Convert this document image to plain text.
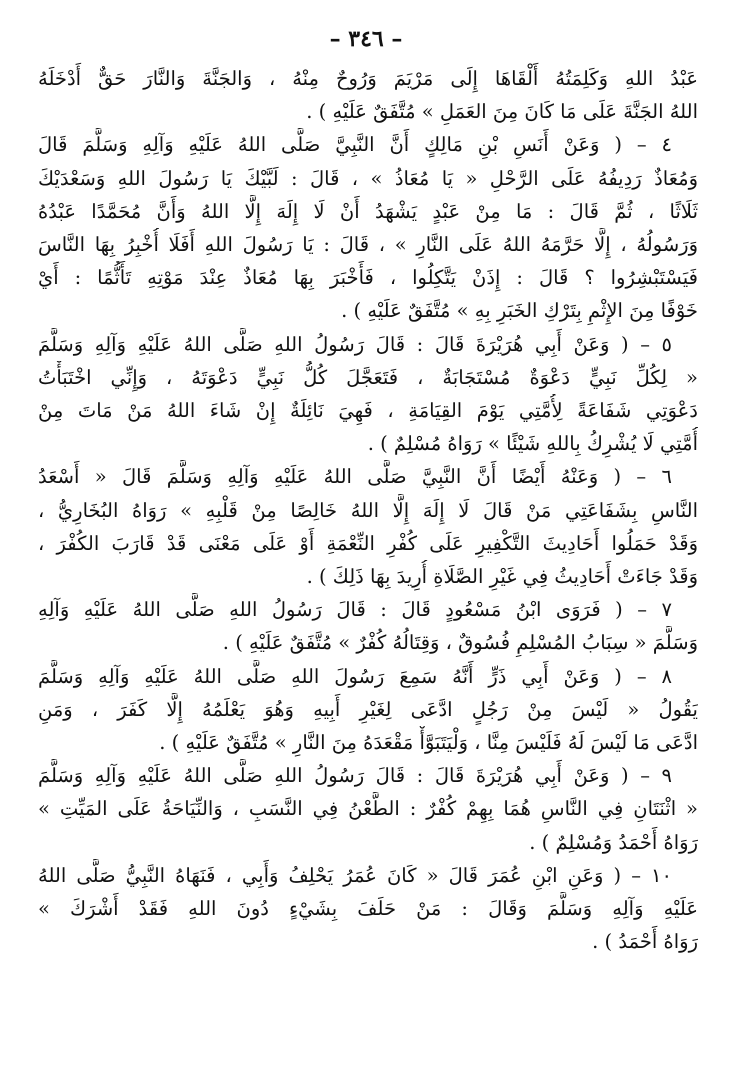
– ٣٤٦ –
عَبْدُ اللهِ وَكَلِمَتُهُ أَلْقَاهَا إِلَى مَرْيَمَ وَرُوحٌ مِنْهُ ، وَالجَنَّةَ وَالنَّارَ حَقٌّ أَدْخَلَهُ
اللهُ الجَنَّةَ عَلَى مَا كَانَ مِنَ العَمَلِ » مُتَّفَقٌ عَلَيْهِ ) .
٤ – ( وَعَنْ أَنَسِ بْنِ مَالِكٍ أَنَّ النَّبِيَّ صَلَّى اللهُ عَلَيْهِ وَآلِهِ وَسَلَّمَ قَالَ
وَمُعَاذٌ رَدِيفُهُ عَلَى الرَّحْلِ « يَا مُعَاذُ » ، قَالَ : لَبَّيْكَ يَا رَسُولَ اللهِ وَسَعْدَيْكَ
ثَلَاثًا ، ثُمَّ قَالَ : مَا مِنْ عَبْدٍ يَشْهَدُ أَنْ لَا إِلَهَ إِلَّا اللهُ وَأَنَّ مُحَمَّدًا عَبْدُهُ
وَرَسُولُهُ ، إِلَّا حَرَّمَهُ اللهُ عَلَى النَّارِ » ، قَالَ : يَا رَسُولَ اللهِ أَفَلَا أُخْبِرُ بِهَا النَّاسَ
فَيَسْتَبْشِرُوا ؟ قَالَ : إِذَنْ يَتَّكِلُوا ، فَأَخْبَرَ بِهَا مُعَاذٌ عِنْدَ مَوْتِهِ تَأَثُّمًا : أَيْ
خَوْفًا مِنَ الإِثْمِ بِتَرْكِ الخَبَرِ بِهِ » مُتَّفَقٌ عَلَيْهِ ) .
٥ – ( وَعَنْ أَبِي هُرَيْرَةَ قَالَ : قَالَ رَسُولُ اللهِ صَلَّى اللهُ عَلَيْهِ وَآلِهِ وَسَلَّمَ
« لِكُلِّ نَبِيٍّ دَعْوَةٌ مُسْتَجَابَةٌ ، فَتَعَجَّلَ كُلُّ نَبِيٍّ دَعْوَتَهُ ، وَإِنِّي اخْتَبَأْتُ
دَعْوَتِي شَفَاعَةً لِأُمَّتِي يَوْمَ القِيَامَةِ ، فَهِيَ نَائِلَةٌ إِنْ شَاءَ اللهُ مَنْ مَاتَ مِنْ
أُمَّتِي لَا يُشْرِكُ بِاللهِ شَيْئًا » رَوَاهُ مُسْلِمٌ ) .
٦ – ( وَعَنْهُ أَيْضًا أَنَّ النَّبِيَّ صَلَّى اللهُ عَلَيْهِ وَآلِهِ وَسَلَّمَ قَالَ « أَسْعَدُ
النَّاسِ بِشَفَاعَتِي مَنْ قَالَ لَا إِلَهَ إِلَّا اللهُ خَالِصًا مِنْ قَلْبِهِ » رَوَاهُ البُخَارِيُّ ،
وَقَدْ حَمَلُوا أَحَادِيثَ التَّكْفِيرِ عَلَى كُفْرِ النِّعْمَةِ أَوْ عَلَى مَعْنَى قَدْ قَارَبَ الكُفْرَ ،
وَقَدْ جَاءَتْ أَحَادِيثُ فِي غَيْرِ الصَّلَاةِ أُرِيدَ بِهَا ذَلِكَ ) .
٧ – ( فَرَوَى ابْنُ مَسْعُودٍ قَالَ : قَالَ رَسُولُ اللهِ صَلَّى اللهُ عَلَيْهِ وَآلِهِ
وَسَلَّمَ « سِبَابُ المُسْلِمِ فُسُوقٌ ، وَقِتَالُهُ كُفْرٌ » مُتَّفَقٌ عَلَيْهِ ) .
٨ – ( وَعَنْ أَبِي ذَرٍّ أَنَّهُ سَمِعَ رَسُولَ اللهِ صَلَّى اللهُ عَلَيْهِ وَآلِهِ وَسَلَّمَ
يَقُولُ « لَيْسَ مِنْ رَجُلٍ ادَّعَى لِغَيْرِ أَبِيهِ وَهُوَ يَعْلَمُهُ إِلَّا كَفَرَ ، وَمَنِ
ادَّعَى مَا لَيْسَ لَهُ فَلَيْسَ مِنَّا ، وَلْيَتَبَوَّأْ مَقْعَدَهُ مِنَ النَّارِ » مُتَّفَقٌ عَلَيْهِ ) .
٩ – ( وَعَنْ أَبِي هُرَيْرَةَ قَالَ : قَالَ رَسُولُ اللهِ صَلَّى اللهُ عَلَيْهِ وَآلِهِ وَسَلَّمَ
« اثْنَتَانِ فِي النَّاسِ هُمَا بِهِمْ كُفْرٌ : الطَّعْنُ فِي النَّسَبِ ، وَالنِّيَاحَةُ عَلَى المَيِّتِ »
رَوَاهُ أَحْمَدُ وَمُسْلِمٌ ) .
١٠ – ( وَعَنِ ابْنِ عُمَرَ قَالَ « كَانَ عُمَرُ يَحْلِفُ وَأَبِي ، فَنَهَاهُ النَّبِيُّ صَلَّى اللهُ
عَلَيْهِ وَآلِهِ وَسَلَّمَ وَقَالَ : مَنْ حَلَفَ بِشَيْءٍ دُونَ اللهِ فَقَدْ أَشْرَكَ »
رَوَاهُ أَحْمَدُ ) .
